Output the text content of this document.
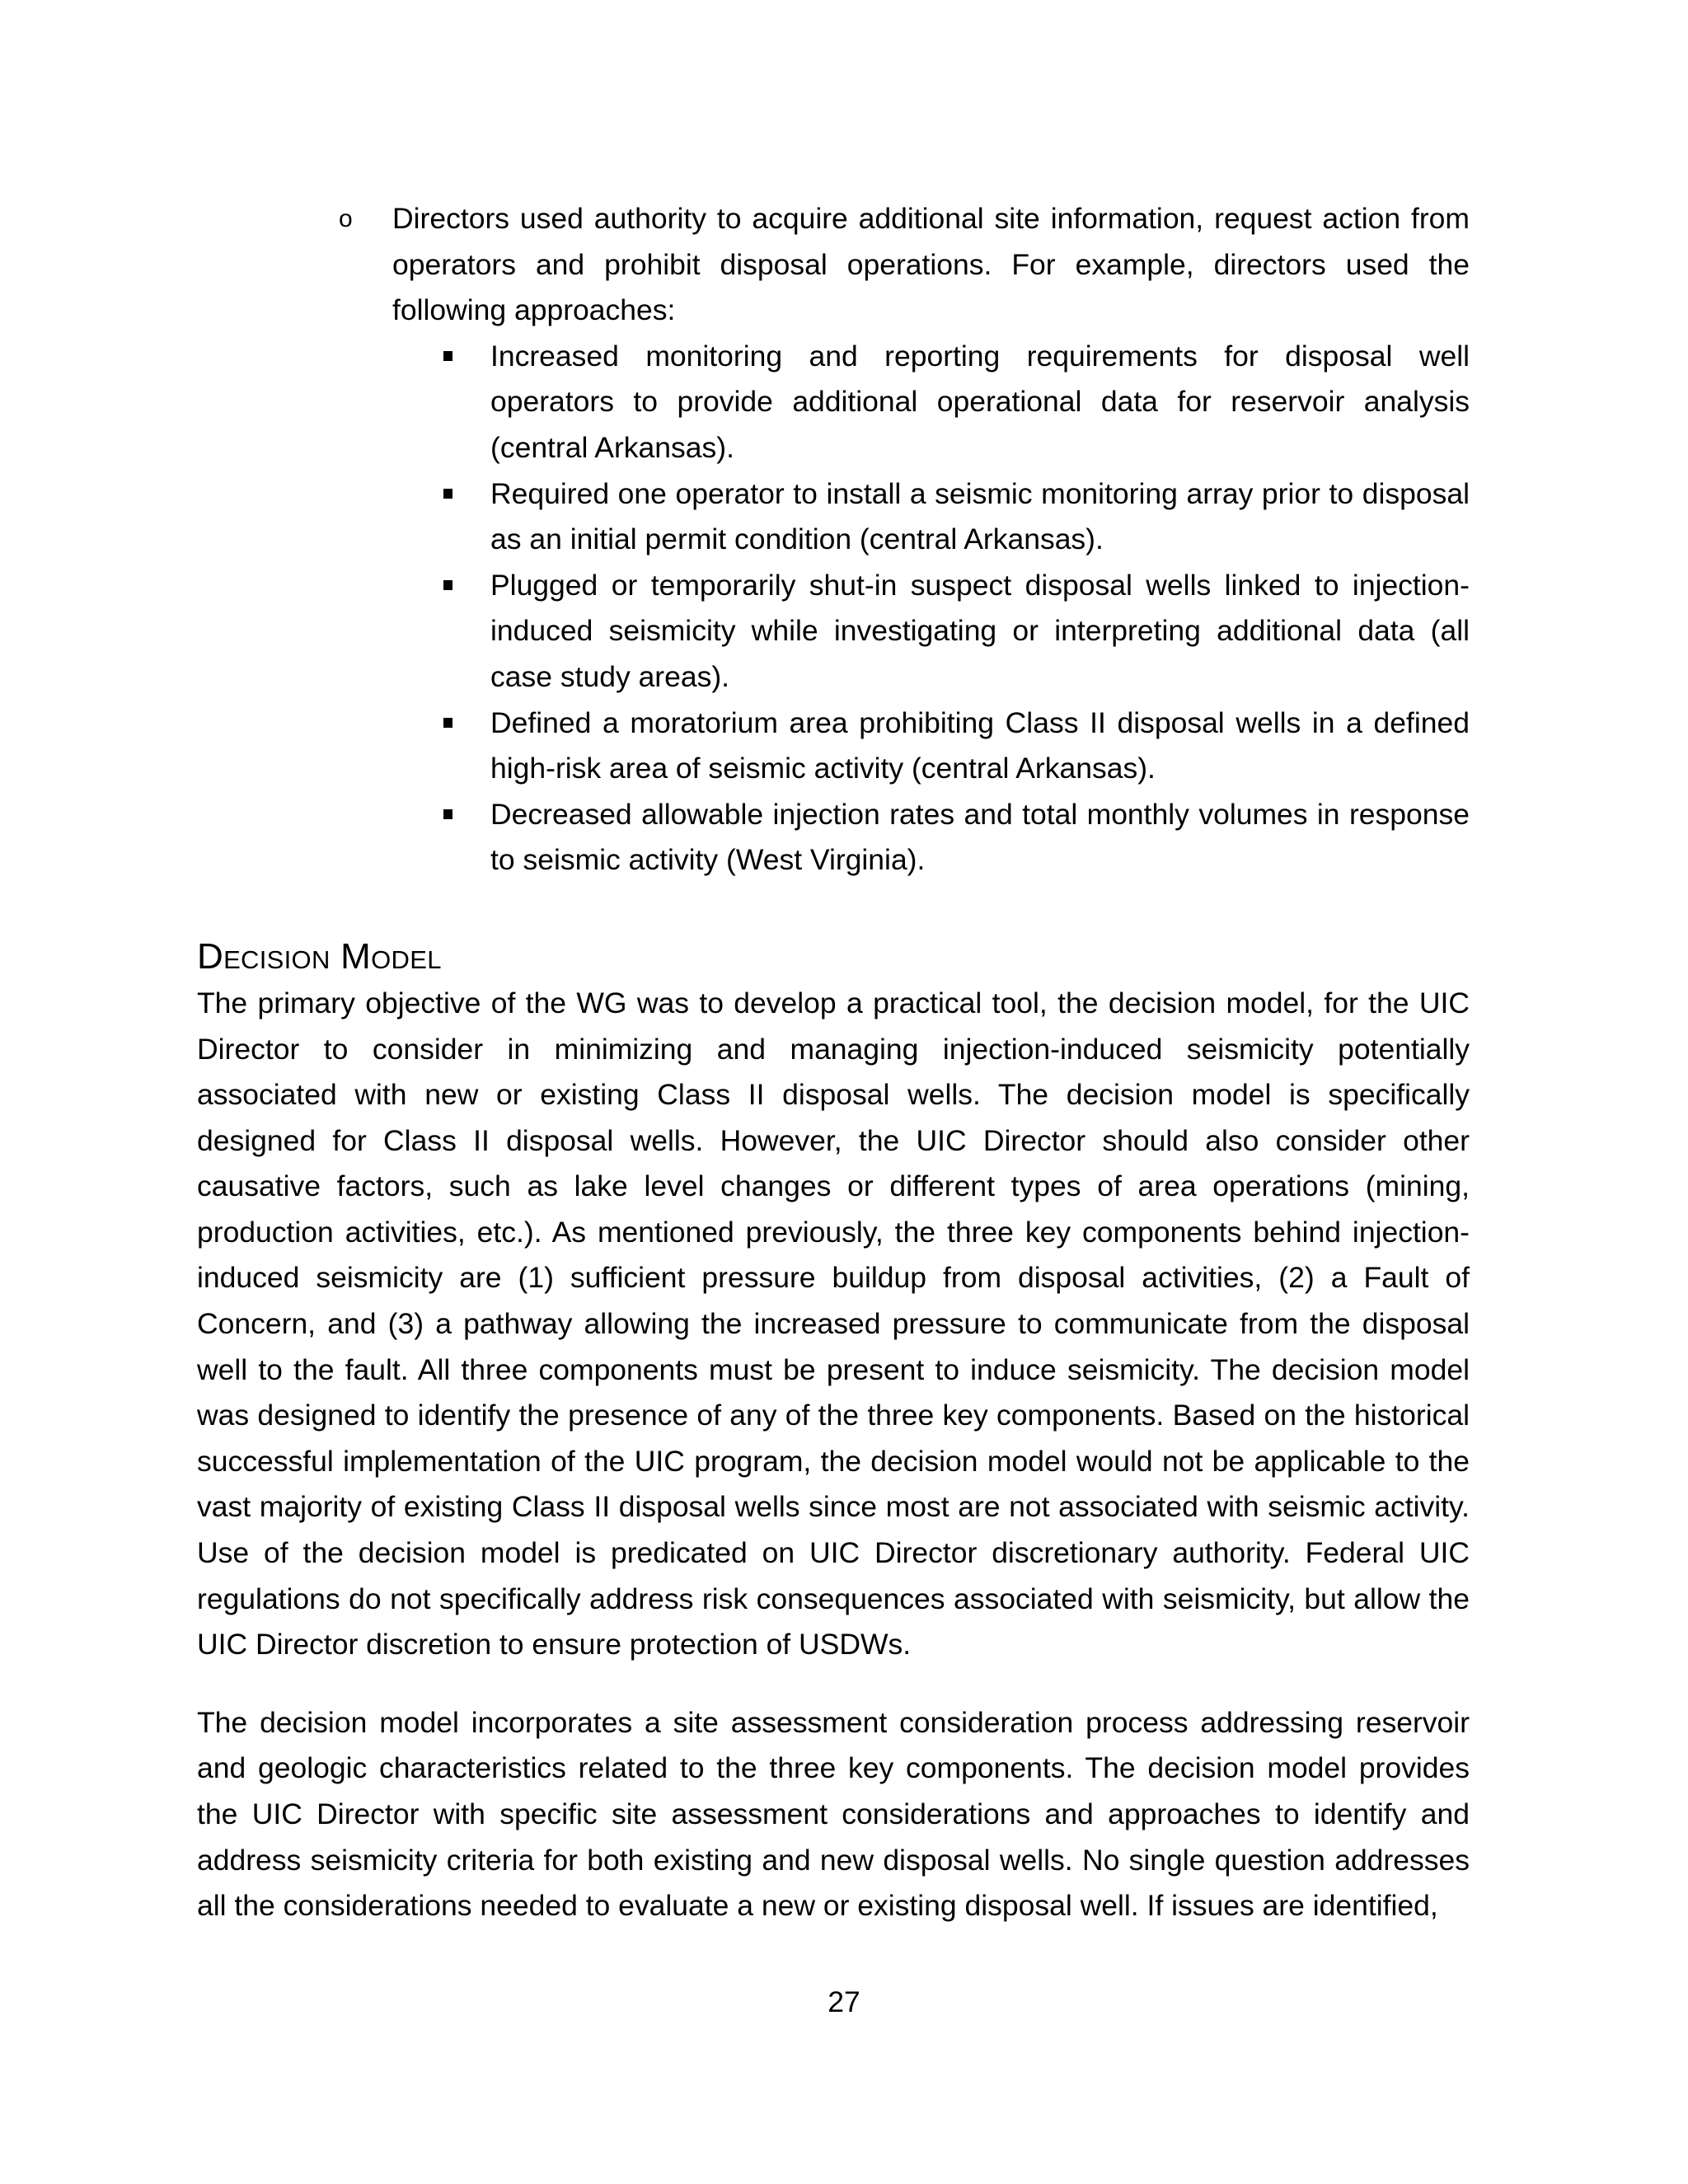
o Directors used authority to acquire additional site information, request action from operators and prohibit disposal operations. For example, directors used the following approaches:
Increased monitoring and reporting requirements for disposal well operators to provide additional operational data for reservoir analysis (central Arkansas).
Required one operator to install a seismic monitoring array prior to disposal as an initial permit condition (central Arkansas).
Plugged or temporarily shut-in suspect disposal wells linked to injection-induced seismicity while investigating or interpreting additional data (all case study areas).
Defined a moratorium area prohibiting Class II disposal wells in a defined high-risk area of seismic activity (central Arkansas).
Decreased allowable injection rates and total monthly volumes in response to seismic activity (West Virginia).
Decision Model

The primary objective of the WG was to develop a practical tool, the decision model, for the UIC Director to consider in minimizing and managing injection-induced seismicity potentially associated with new or existing Class II disposal wells. The decision model is specifically designed for Class II disposal wells. However, the UIC Director should also consider other causative factors, such as lake level changes or different types of area operations (mining, production activities, etc.). As mentioned previously, the three key components behind injection-induced seismicity are (1) sufficient pressure buildup from disposal activities, (2) a Fault of Concern, and (3) a pathway allowing the increased pressure to communicate from the disposal well to the fault. All three components must be present to induce seismicity. The decision model was designed to identify the presence of any of the three key components. Based on the historical successful implementation of the UIC program, the decision model would not be applicable to the vast majority of existing Class II disposal wells since most are not associated with seismic activity. Use of the decision model is predicated on UIC Director discretionary authority. Federal UIC regulations do not specifically address risk consequences associated with seismicity, but allow the UIC Director discretion to ensure protection of USDWs.

The decision model incorporates a site assessment consideration process addressing reservoir and geologic characteristics related to the three key components. The decision model provides the UIC Director with specific site assessment considerations and approaches to identify and address seismicity criteria for both existing and new disposal wells. No single question addresses all the considerations needed to evaluate a new or existing disposal well. If issues are identified,

27
